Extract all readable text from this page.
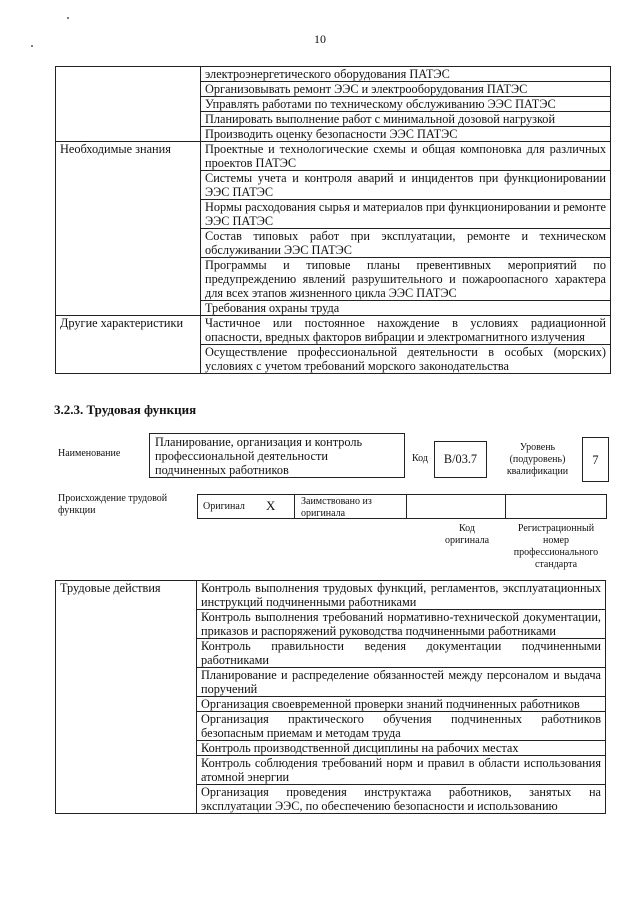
10
	электроэнергетического оборудования ПАТЭС
	Организовывать ремонт ЭЭС и электрооборудования ПАТЭС
	Управлять работами по техническому обслуживанию ЭЭС ПАТЭС
	Планировать выполнение работ с минимальной дозовой нагрузкой
	Производить оценку безопасности ЭЭС ПАТЭС
Необходимые знания	Проектные и технологические схемы и общая компоновка для различных проектов ПАТЭС
	Системы учета и контроля аварий и инцидентов при функционировании ЭЭС ПАТЭС
	Нормы расходования сырья и материалов при функционировании и ремонте ЭЭС ПАТЭС
	Состав типовых работ при эксплуатации, ремонте и техническом обслуживании ЭЭС ПАТЭС
	Программы и типовые планы превентивных мероприятий по предупреждению явлений разрушительного и пожароопасного характера для всех этапов жизненного цикла ЭЭС ПАТЭС
	Требования охраны труда
Другие характеристики	Частичное или постоянное нахождение в условиях радиационной опасности, вредных факторов вибрации и электромагнитного излучения
	Осуществление профессиональной деятельности в особых (морских) условиях с учетом требований морского законодательства
3.2.3. Трудовая функция
Наименование
Планирование, организация и контроль профессиональной деятельности подчиненных работников
Код	B/03.7
Уровень (подуровень) квалификации
7
Происхождение трудовой функции	Оригинал X	Заимствовано из оригинала
Код оригинала
Регистрационный номер профессионального стандарта
Трудовые действия	Контроль выполнения трудовых функций, регламентов, эксплуатационных инструкций подчиненными работниками
Контроль выполнения требований нормативно-технической документации, приказов и распоряжений руководства подчиненными работниками
Контроль правильности ведения документации подчиненными работниками
Планирование и распределение обязанностей между персоналом и выдача поручений
Организация своевременной проверки знаний подчиненных работников
Организация практического обучения подчиненных работников безопасным приемам и методам труда
Контроль производственной дисциплины на рабочих местах
Контроль соблюдения требований норм и правил в области использования атомной энергии
Организация проведения инструктажа работников, занятых на эксплуатации ЭЭС, по обеспечению безопасности и использованию
